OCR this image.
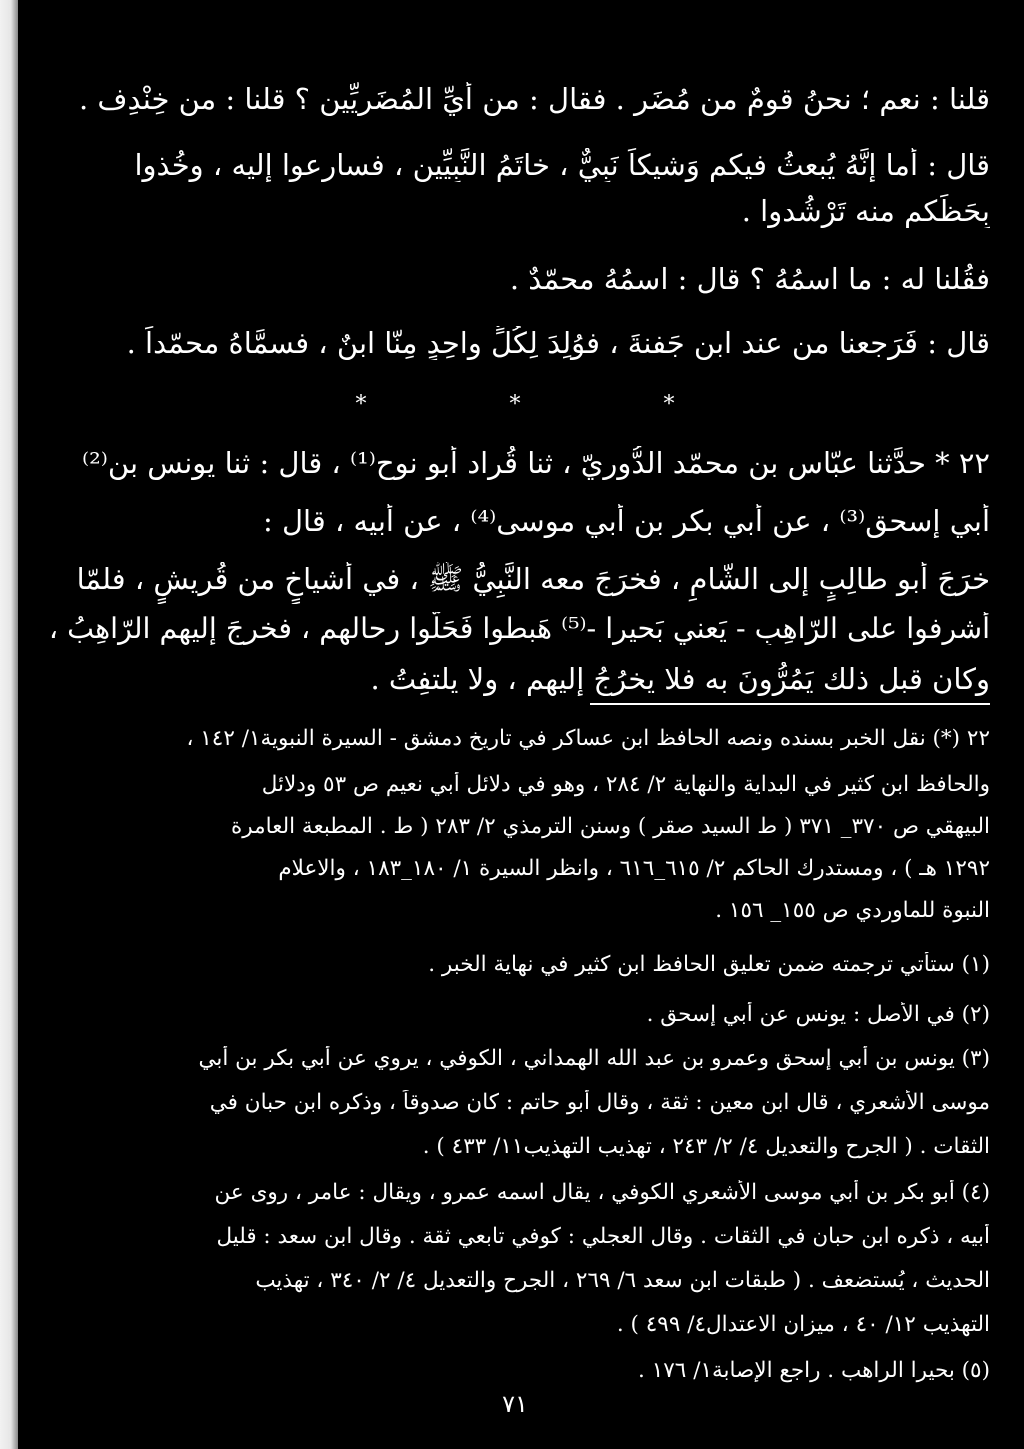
قلنا : نعم ؛ نحنُ قومٌ من مُضَر . فقال : من أَيِّ المُضَرِيِّين ؟ قلنا : من خِنْدِف .
قال : أما إِنَّهُ يُبعثُ فيكم وَشيكاً نَبِيٌّ ، خاتَمُ النَّبِيِّين ، فسارِعوا إليه ، وخُذوا
بِحَظِّكم منه تَرْشُدوا .
فقُلنا له : ما اسمُهُ ؟ قال : اسمُهُ محمّدٌ .
قال : فَرَجعنا من عند ابن جَفنةَ ، فوُلِدَ لِكُلٍّ واحِدٍ مِنّا ابنٌ ، فسمَّاهُ محمّداً .
* * *
٢٢ * حدَّثنا عبّاس بن محمّد الدُّوريّ ، ثنا قُراد أبو نوح⁽¹⁾ ، قال : ثنا يونس بن⁽²⁾
أبي إسحق⁽³⁾ ، عن أبي بكر بن أبي موسى⁽⁴⁾ ، عن أبيه ، قال :
خرَجَ أبو طالِبٍ إلى الشّامِ ، فخرَجَ معه النَّبِيُّ ﷺ ، في أشياخٍ من قُريشٍ ، فلمّا
أشرفوا على الرّاهِبِ - يَعني بَحيرا -⁽⁵⁾ هَبطوا فَحَلّوا رِحالهم ، فخرجَ إليهم الرّاهِبُ ،
وكان قبل ذلك يَمُرُّونَ به فلا يخرُجُ إليهم ، ولا يلتفِتُ .
٢٢ (*) نقل الخبر بسنده ونصه الحافظ ابن عساكر في تاريخ دمشق - السيرة النبوية١/ ١٤٢ ،
والحافظ ابن كثير في البداية والنهاية ٢/ ٢٨٤ ، وهو في دلائل أبي نعيم ص ٥٣ ودلائل
البيهقي ص ٣٧٠_ ٣٧١ ( ط السيد صقر ) وسنن الترمذي ٢/ ٢٨٣ ( ط . المطبعة العامرة
١٢٩٢ هـ ) ، ومستدرك الحاكم ٢/ ٦١٥_٦١٦ ، وانظر السيرة ١/ ١٨٠_١٨٣ ، والاعلام
النبوة للماوردي ص ١٥٥_ ١٥٦ .
(١) ستأتي ترجمته ضمن تعليق الحافظ ابن كثير في نهاية الخبر .
(٢) في الأصل : يونس عن أبي إسحق .
(٣) يونس بن أبي إسحق وعمرو بن عبد الله الهمداني ، الكوفي ، يروي عن أبي بكر بن أبي
موسى الأشعري ، قال ابن معين : ثقة ، وقال أبو حاتم : كان صدوقاً ، وذكره ابن حبان في
الثقات . ( الجرح والتعديل ٤/ ٢/ ٢٤٣ ، تهذيب التهذيب١١/ ٤٣٣ ) .
(٤) أبو بكر بن أبي موسى الأشعري الكوفي ، يقال اسمه عمرو ، ويقال : عامر ، روى عن
أبيه ، ذكره ابن حبان في الثقات . وقال العجلي : كوفي تابعي ثقة . وقال ابن سعد : قليل
الحديث ، يُستضعف . ( طبقات ابن سعد ٦/ ٢٦٩ ، الجرح والتعديل ٤/ ٢/ ٣٤٠ ، تهذيب
التهذيب ١٢/ ٤٠ ، ميزان الاعتدال٤/ ٤٩٩ ) .
(٥) بحيرا الراهب . راجع الإصابة١/ ١٧٦ .
٧١
